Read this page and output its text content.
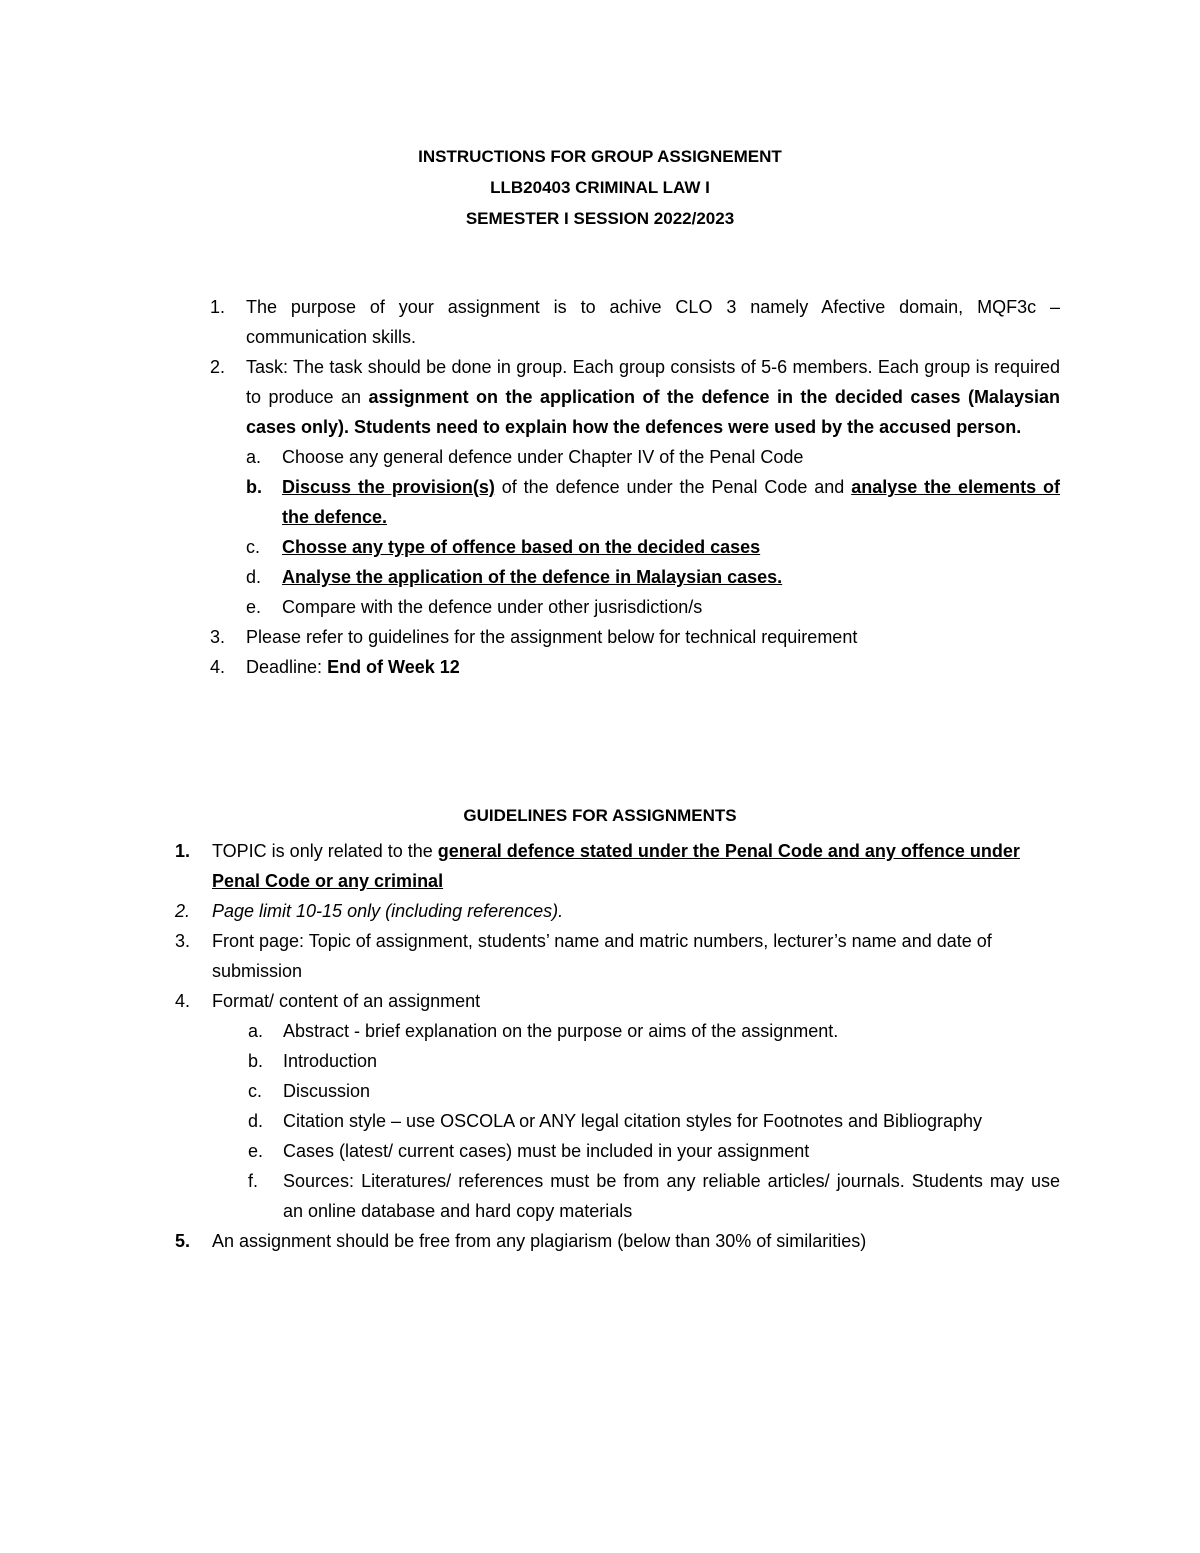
INSTRUCTIONS FOR GROUP ASSIGNEMENT
LLB20403 CRIMINAL LAW I
SEMESTER I SESSION 2022/2023
1.	The purpose of your assignment is to achive CLO 3 namely Afective domain, MQF3c – communication skills.
2.	Task: The task should be done in group. Each group consists of 5-6 members. Each group is required to produce an assignment on the application of the defence in the decided cases (Malaysian cases only). Students need to explain how the defences were used by the accused person.
a.	Choose any general defence under Chapter IV of the Penal Code
b.	Discuss the provision(s) of the defence under the Penal Code and analyse the elements of the defence.
c.	Chosse any type of offence based on the decided cases
d.	Analyse the application of the defence in Malaysian cases.
e.	Compare with the defence under other jusrisdiction/s
3.	Please refer to guidelines for the assignment below for technical requirement
4.	Deadline: End of Week 12
GUIDELINES FOR ASSIGNMENTS
1.	TOPIC is only related to the general defence stated under the Penal Code and any offence under Penal Code or any criminal
2.	Page limit 10-15 only (including references).
3.	Front page: Topic of assignment, students’ name and matric numbers, lecturer’s name and date of submission
4.	Format/ content of an assignment
a.	Abstract - brief explanation on the purpose or aims of the assignment.
b.	Introduction
c.	Discussion
d.	Citation style – use OSCOLA or ANY legal citation styles for Footnotes and Bibliography
e.	Cases (latest/ current cases) must be included in your assignment
f.	Sources: Literatures/ references must be from any reliable articles/ journals. Students may use an online database and hard copy materials
5.	An assignment should be free from any plagiarism (below than 30% of similarities)
